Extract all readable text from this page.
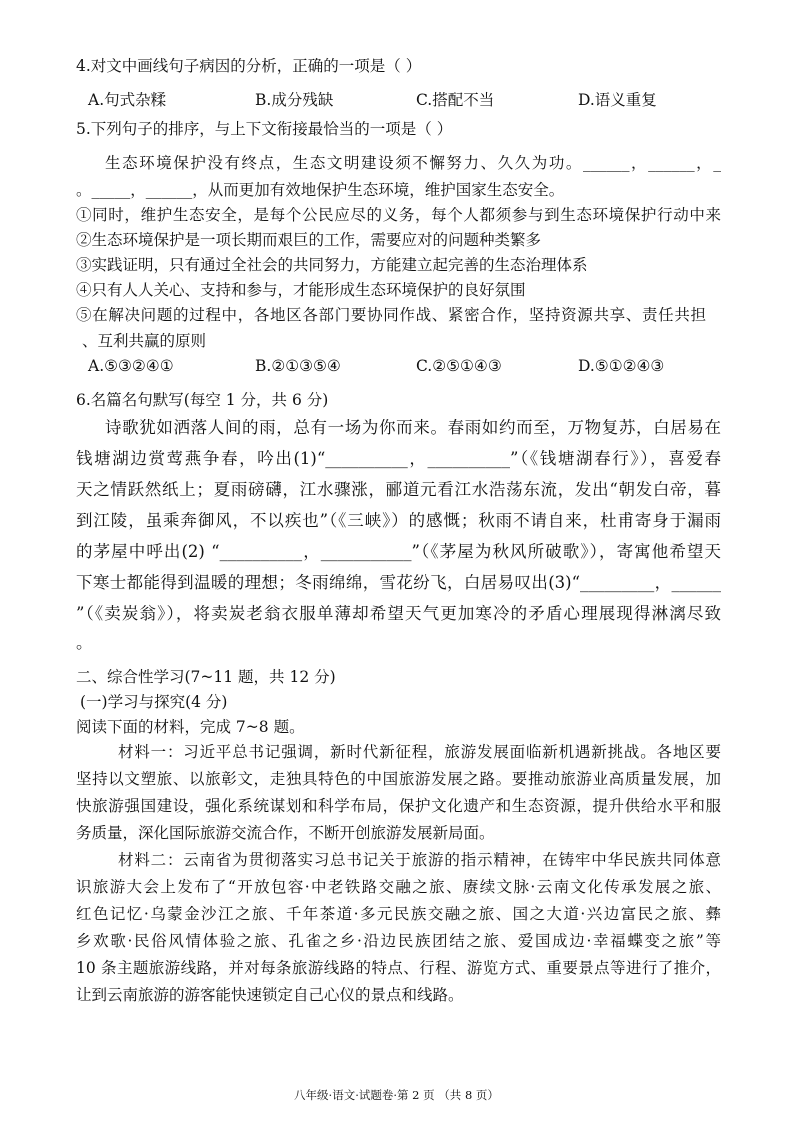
4.对文中画线句子病因的分析，正确的一项是（ ）
A.句式杂糅	B.成分残缺	C.搭配不当	D.语义重复
5.下列句子的排序，与上下文衔接最恰当的一项是（ ）
生态环境保护没有终点，生态文明建设须不懈努力、久久为功。______，______，_
。_____，______，从而更加有效地保护生态环境，维护国家生态安全。
①同时，维护生态安全，是每个公民应尽的义务，每个人都须参与到生态环境保护行动中来
②生态环境保护是一项长期而艰巨的工作，需要应对的问题种类繁多
③实践证明，只有通过全社会的共同努力，方能建立起完善的生态治理体系
④只有人人关心、支持和参与，才能形成生态环境保护的良好氛围
⑤在解决问题的过程中，各地区各部门要协同作战、紧密合作，坚持资源共享、责任共担
、互利共赢的原则
A.⑤③②④①	B.②①③⑤④	C.②⑤①④③	D.⑤①②④③
6.名篇名句默写(每空 1 分，共 6 分)
诗歌犹如洒落人间的雨，总有一场为你而来。春雨如约而至，万物复苏，白居易在
钱塘湖边赏莺燕争春，吟出(1)“__________，__________”（《钱塘湖春行》），喜爱春
天之情跃然纸上；夏雨磅礴，江水骤涨，郦道元看江水浩荡东流，发出“朝发白帝，暮
到江陵，虽乘奔御风，不以疾也”（《三峡》）的感慨；秋雨不请自来，杜甫寄身于漏雨
的茅屋中呼出(2) “__________，___________”（《茅屋为秋风所破歌》），寄寓他希望天
下寒士都能得到温暖的理想；冬雨绵绵，雪花纷飞，白居易叹出(3)“_________，______
”（《卖炭翁》），将卖炭老翁衣服单薄却希望天气更加寒冷的矛盾心理展现得淋漓尽致
。
二、综合性学习(7~11 题，共 12 分)
(一)学习与探究(4 分)
阅读下面的材料，完成 7~8 题。
材料一：习近平总书记强调，新时代新征程，旅游发展面临新机遇新挑战。各地区要
坚持以文塑旅、以旅彰文，走独具特色的中国旅游发展之路。要推动旅游业高质量发展，加
快旅游强国建设，强化系统谋划和科学布局，保护文化遗产和生态资源，提升供给水平和服
务质量，深化国际旅游交流合作，不断开创旅游发展新局面。
材料二：云南省为贯彻落实习总书记关于旅游的指示精神，在铸牢中华民族共同体意
识旅游大会上发布了“开放包容·中老铁路交融之旅、赓续文脉·云南文化传承发展之旅、
红色记忆·乌蒙金沙江之旅、千年茶道·多元民族交融之旅、国之大道·兴边富民之旅、彝
乡欢歌·民俗风情体验之旅、孔雀之乡·沿边民族团结之旅、爱国成边·幸福蝶变之旅”等
10 条主题旅游线路，并对每条旅游线路的特点、行程、游览方式、重要景点等进行了推介，
让到云南旅游的游客能快速锁定自己心仪的景点和线路。
八年级·语文·试题卷·第 2 页 （共 8 页）
